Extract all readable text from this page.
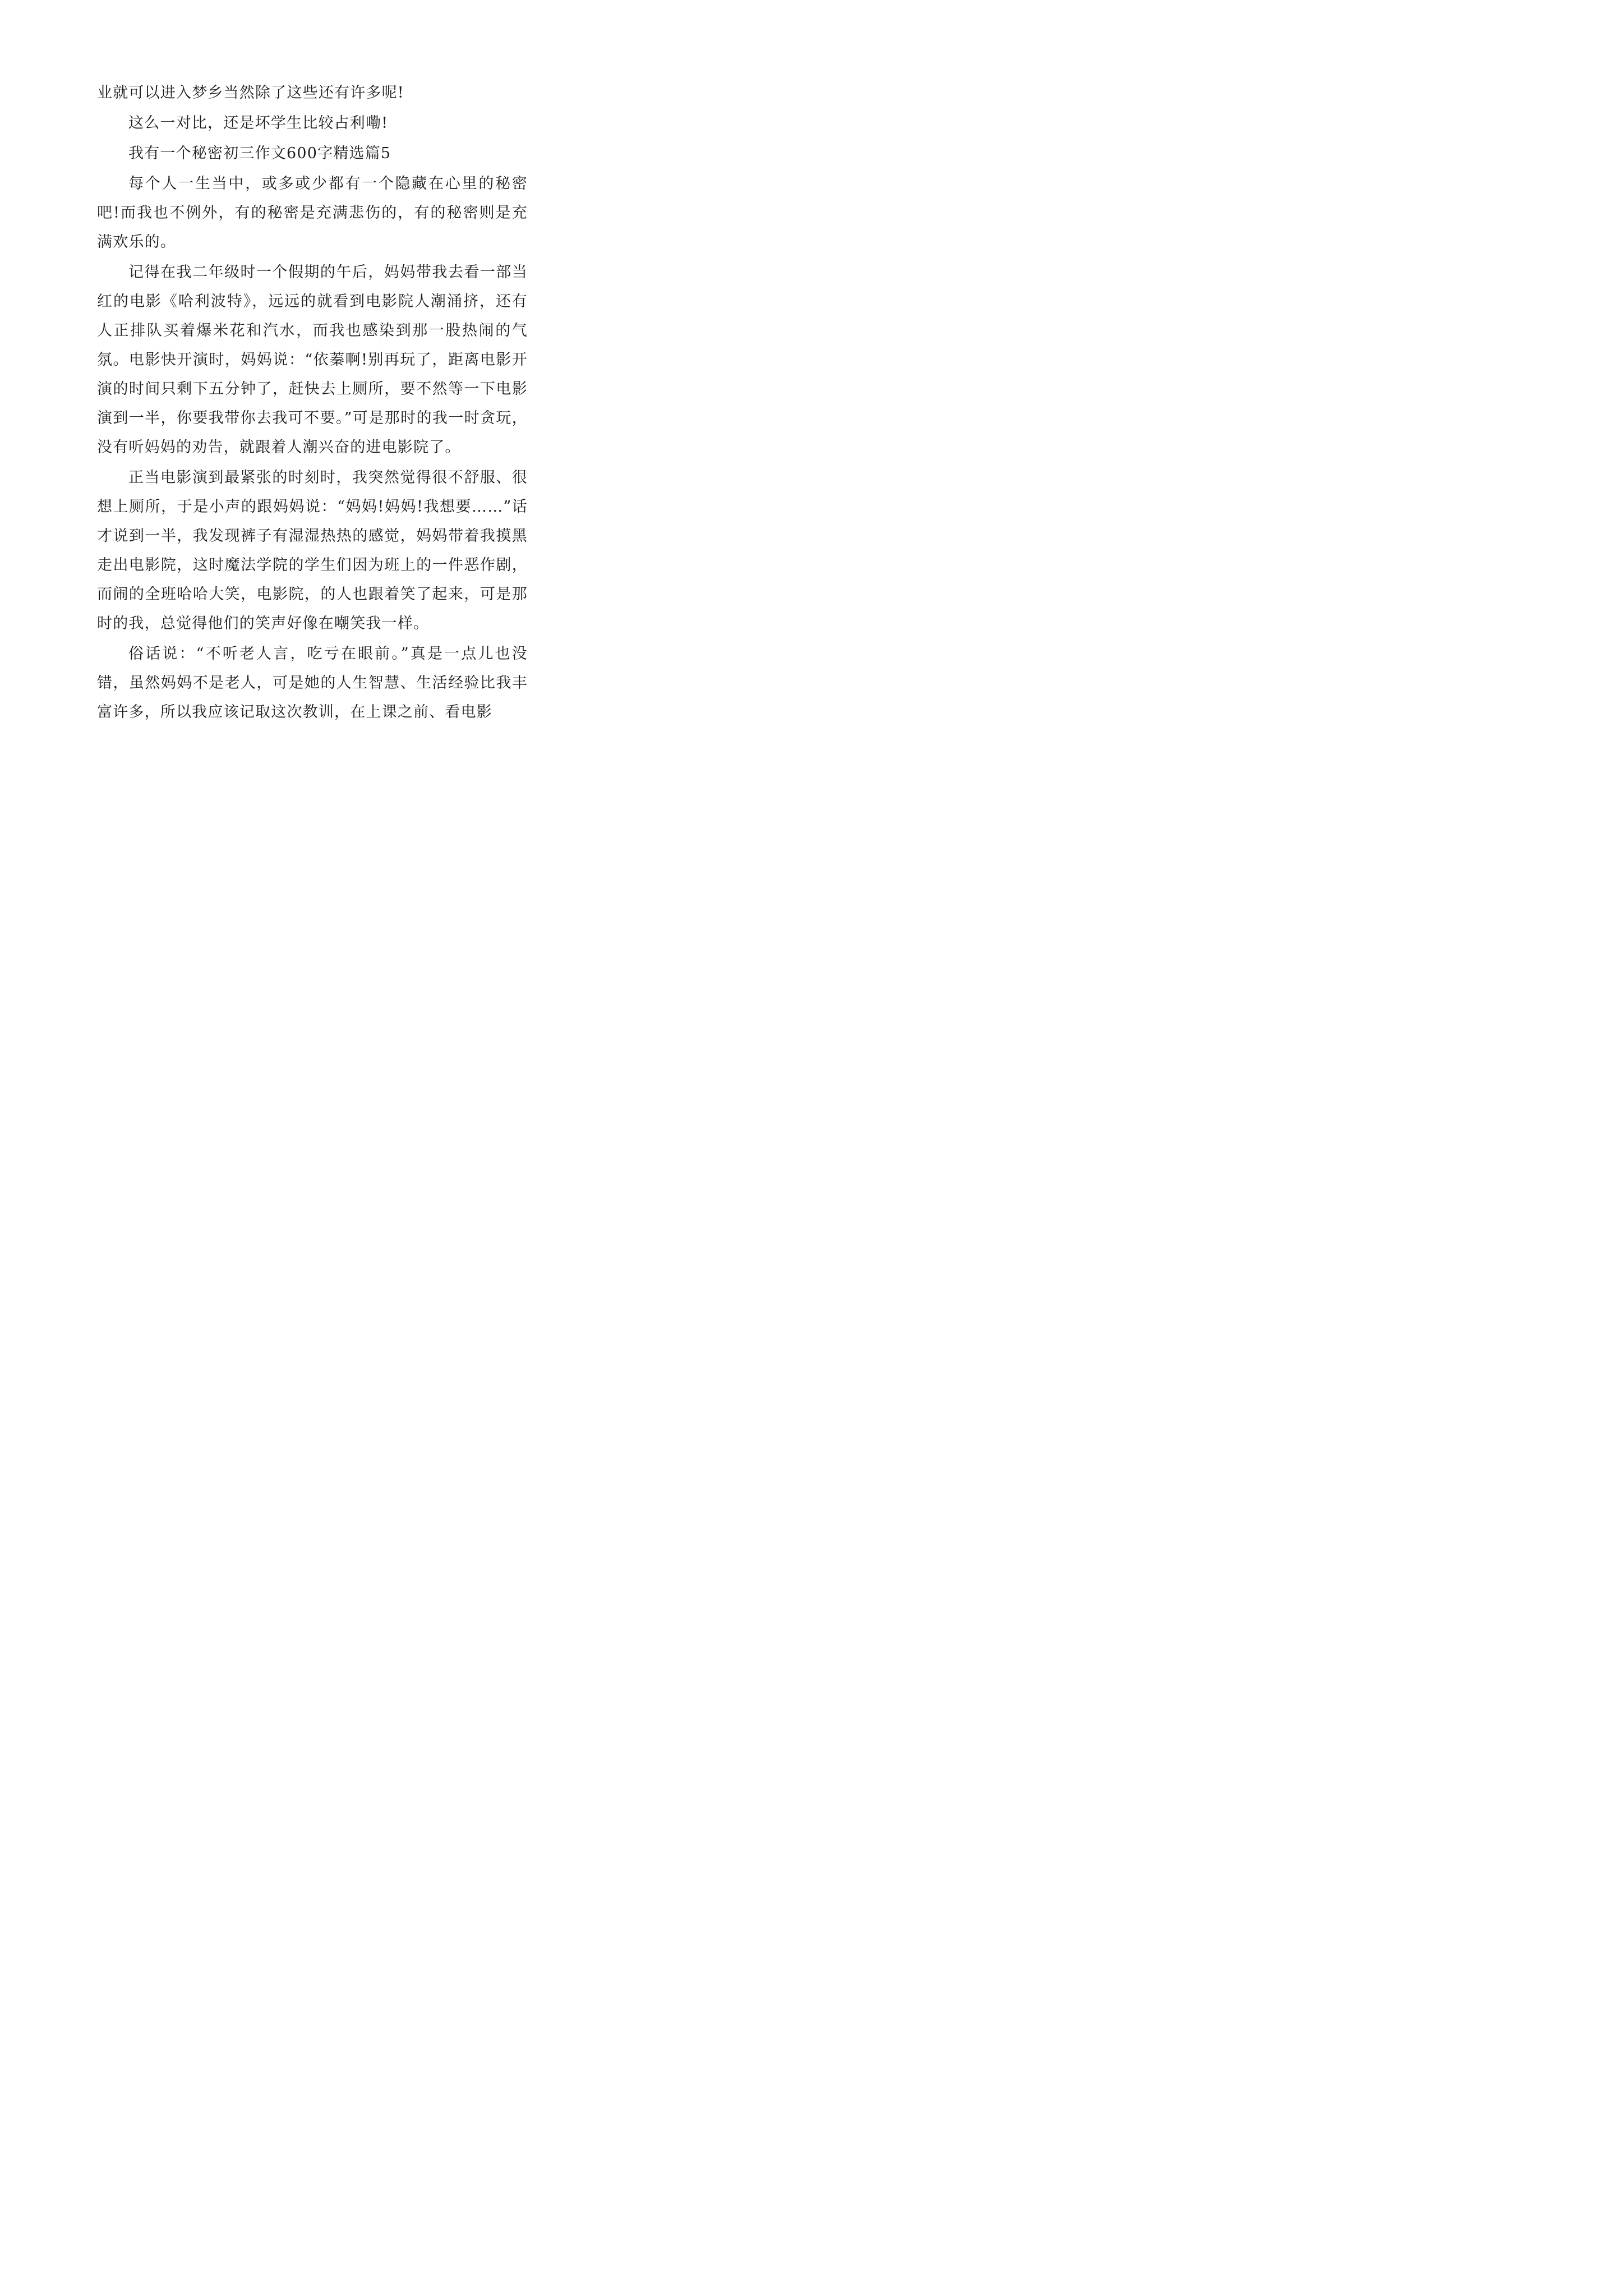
业就可以进入梦乡当然除了这些还有许多呢!

这么一对比，还是坏学生比较占利嘞!

我有一个秘密初三作文600字精选篇5

每个人一生当中，或多或少都有一个隐藏在心里的秘密吧!而我也不例外，有的秘密是充满悲伤的，有的秘密则是充满欢乐的。

记得在我二年级时一个假期的午后，妈妈带我去看一部当红的电影《哈利波特》，远远的就看到电影院人潮涌挤，还有人正排队买着爆米花和汽水，而我也感染到那一股热闹的气氛。电影快开演时，妈妈说：“依蓁啊!别再玩了，距离电影开演的时间只剩下五分钟了，赶快去上厕所，要不然等一下电影演到一半，你要我带你去我可不要。”可是那时的我一时贪玩，没有听妈妈的劝告，就跟着人潮兴奋的进电影院了。

正当电影演到最紧张的时刻时，我突然觉得很不舒服、很想上厕所，于是小声的跟妈妈说：“妈妈!妈妈!我想要……”话才说到一半，我发现裤子有湿湿热热的感觉，妈妈带着我摸黑走出电影院，这时魔法学院的学生们因为班上的一件恶作剧，而闹的全班哈哈大笑，电影院，的人也跟着笑了起来，可是那时的我，总觉得他们的笑声好像在嘲笑我一样。

俗话说：“不听老人言，吃亏在眼前。”真是一点儿也没错，虽然妈妈不是老人，可是她的人生智慧、生活经验比我丰富许多，所以我应该记取这次教训，在上课之前、看电影
